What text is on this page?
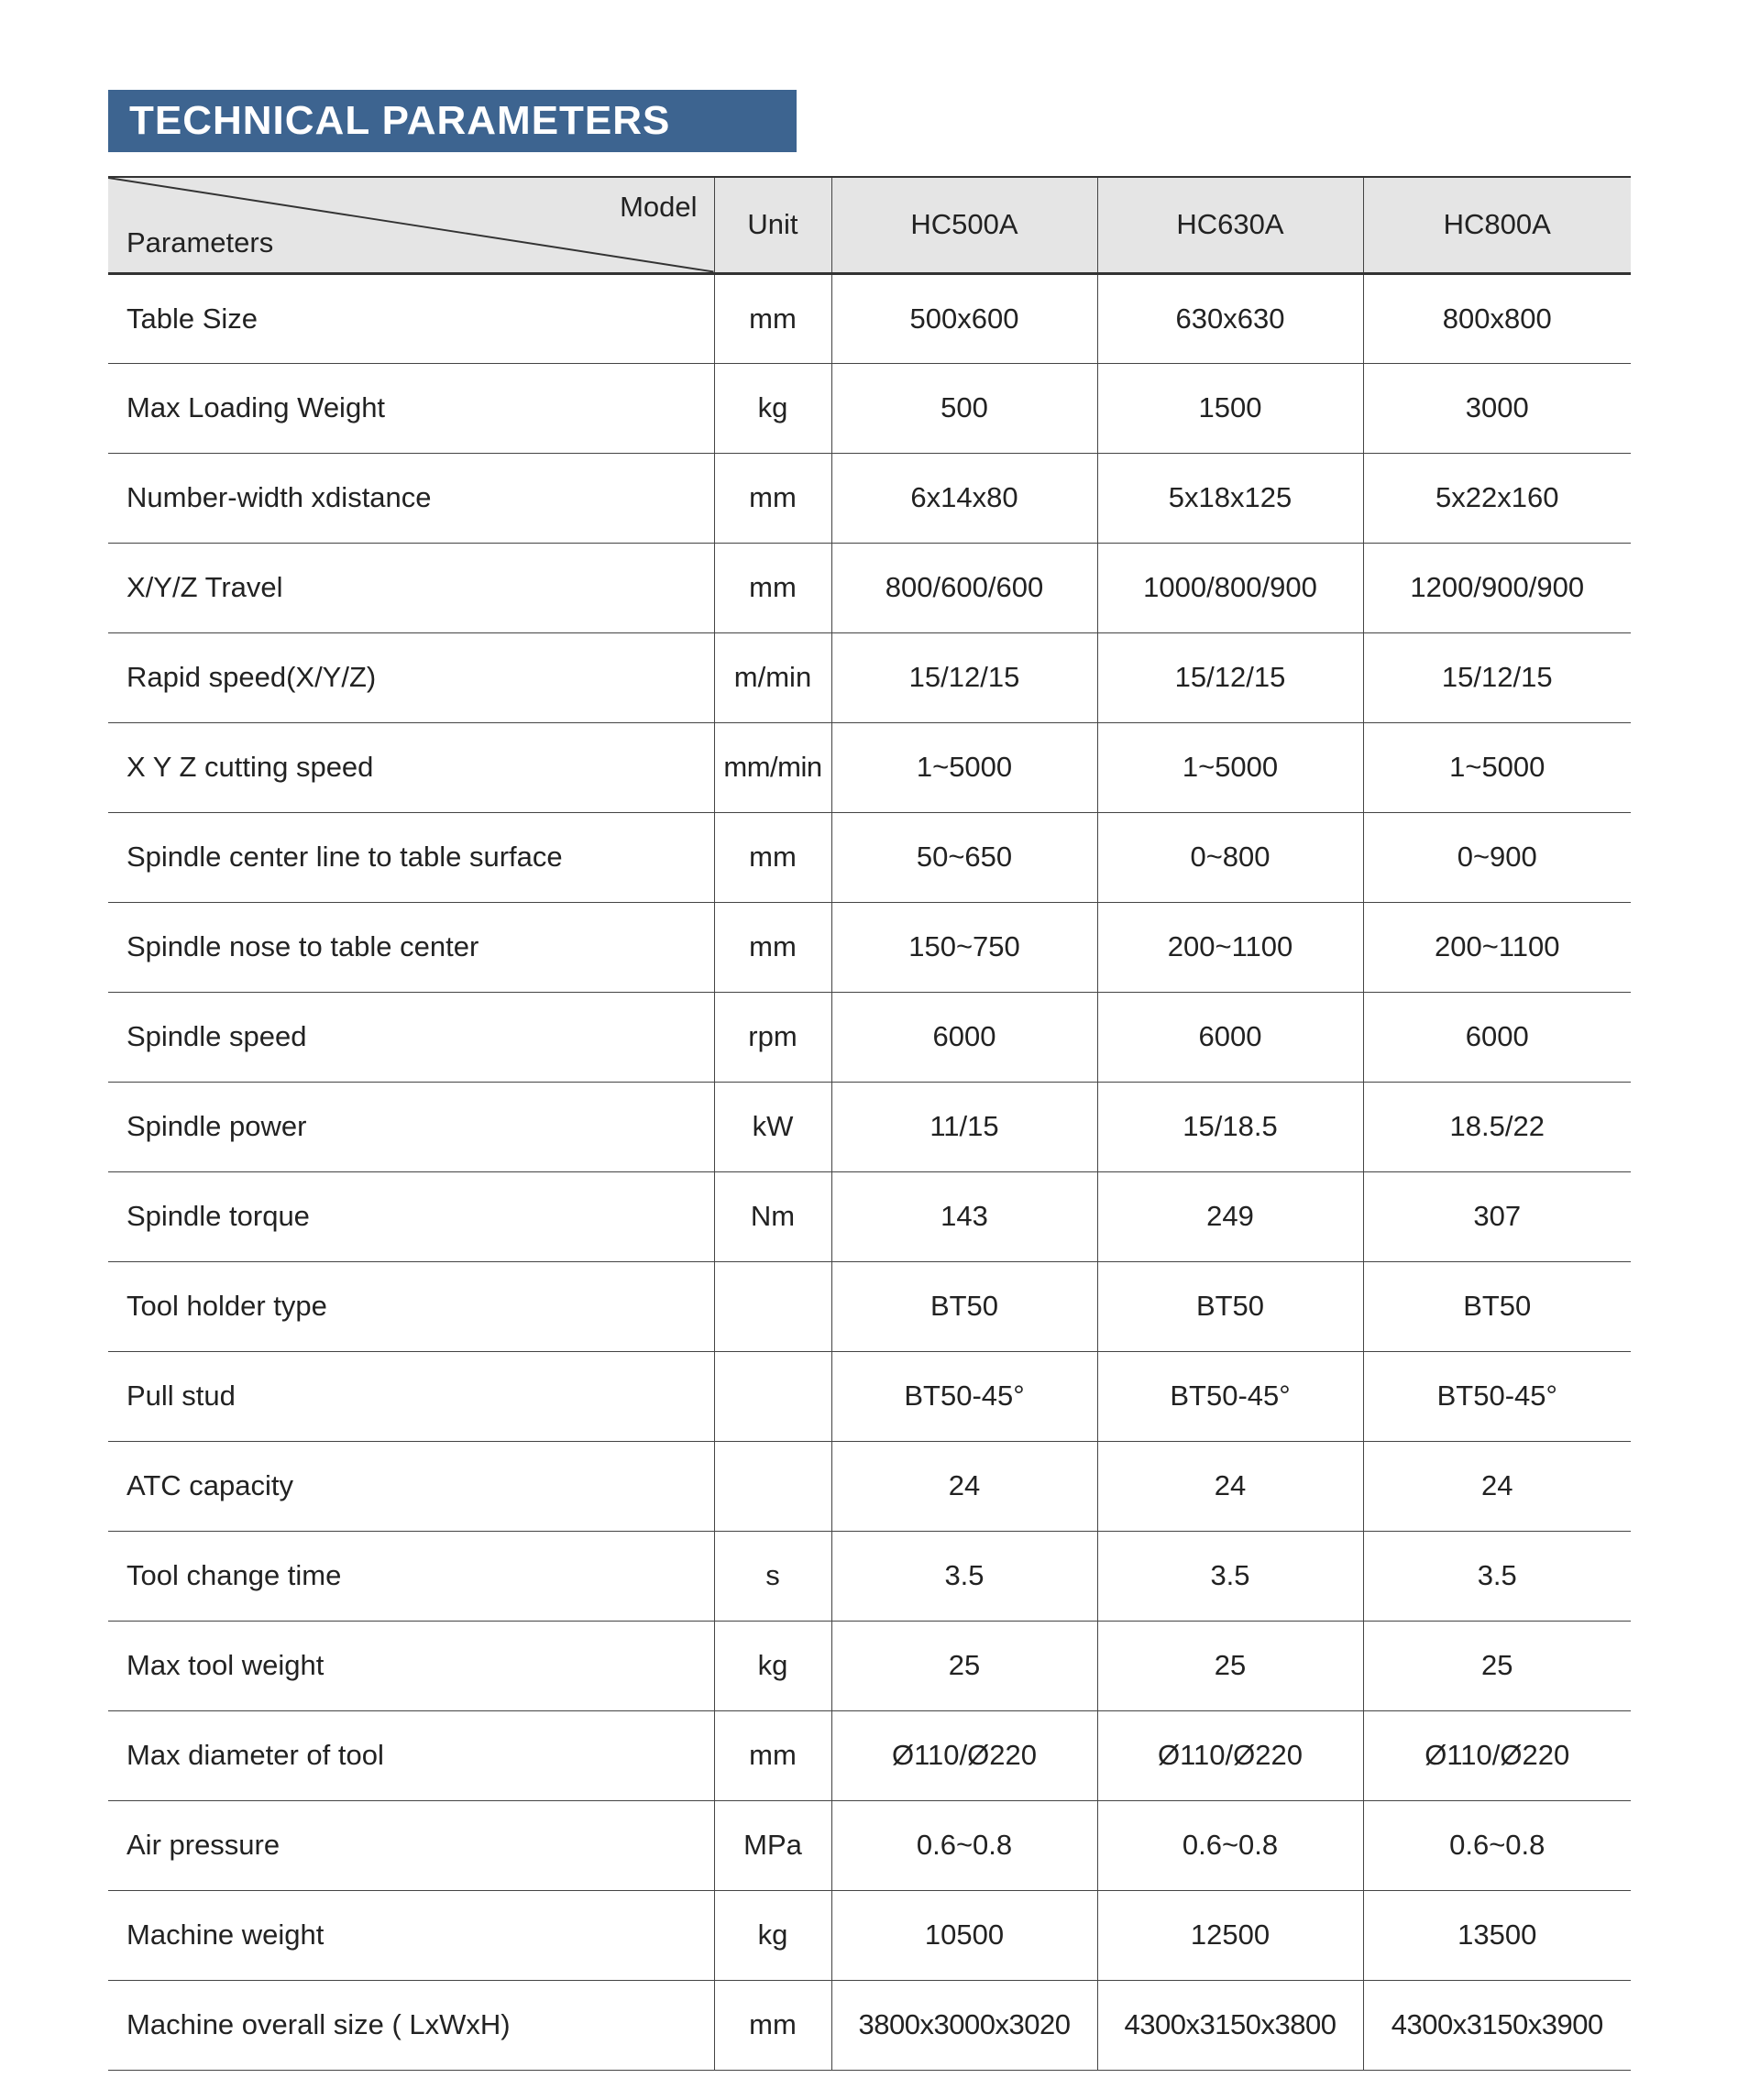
TECHNICAL PARAMETERS
Model
Parameters	Unit	HC500A	HC630A	HC800A
Table Size	mm	500x600	630x630	800x800
Max Loading Weight	kg	500	1500	3000
Number-width xdistance	mm	6x14x80	5x18x125	5x22x160
X/Y/Z Travel	mm	800/600/600	1000/800/900	1200/900/900
Rapid speed(X/Y/Z)	m/min	15/12/15	15/12/15	15/12/15
X Y Z cutting speed	mm/min	1~5000	1~5000	1~5000
Spindle center line to table surface	mm	50~650	0~800	0~900
Spindle nose to table center	mm	150~750	200~1100	200~1100
Spindle speed	rpm	6000	6000	6000
Spindle power	kW	11/15	15/18.5	18.5/22
Spindle torque	Nm	143	249	307
Tool holder type		BT50	BT50	BT50
Pull stud		BT50-45°	BT50-45°	BT50-45°
ATC capacity		24	24	24
Tool change time	s	3.5	3.5	3.5
Max tool weight	kg	25	25	25
Max diameter of tool	mm	Ø110/Ø220	Ø110/Ø220	Ø110/Ø220
Air pressure	MPa	0.6~0.8	0.6~0.8	0.6~0.8
Machine weight	kg	10500	12500	13500
Machine overall size ( LxWxH)	mm	3800x3000x3020	4300x3150x3800	4300x3150x3900
